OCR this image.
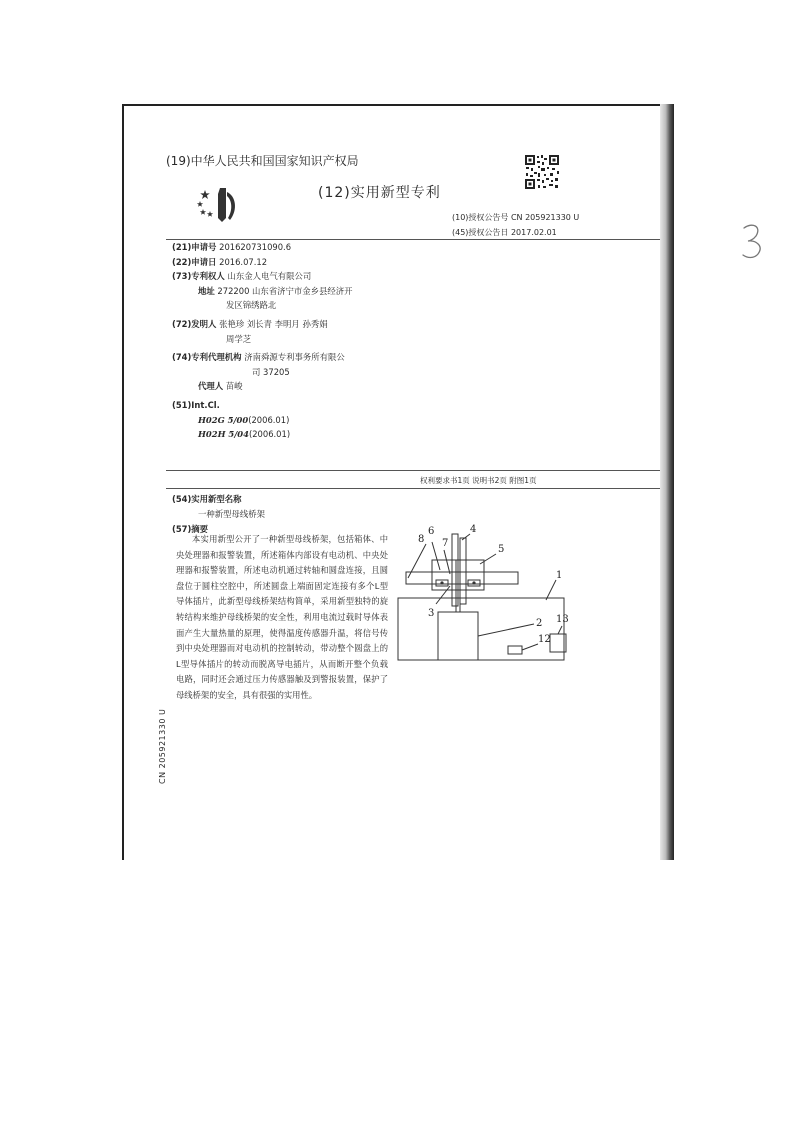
(19)中华人民共和国国家知识产权局
(12)实用新型专利
(10)授权公告号 CN 205921330 U
(45)授权公告日 2017.02.01
3
(21)申请号 201620731090.6
(22)申请日 2016.07.12
(73)专利权人 山东金人电气有限公司
地址 272200 山东省济宁市金乡县经济开
发区锦绣路北
(72)发明人 张艳珍 刘长青 李明月 孙秀娟
周学芝
(74)专利代理机构 济南舜源专利事务所有限公
司 37205
代理人 苗峻
(51)Int.Cl.
H02G 5/00(2006.01)
H02H 5/04(2006.01)
权利要求书1页 说明书2页 附图1页
(54)实用新型名称
一种新型母线桥架
(57)摘要
本实用新型公开了一种新型母线桥架，包括箱体、中央处理器和报警装置，所述箱体内部设有电动机、中央处理器和报警装置，所述电动机通过转轴和圆盘连接，且圆盘位于圆柱空腔中，所述圆盘上端面固定连接有多个L型导体插片，此新型母线桥架结构简单，采用新型独特的旋转结构来维护母线桥架的安全性，利用电流过载时导体表面产生大量热量的原理，使得温度传感器升温，将信号传到中央处理器而对电动机的控制转动，带动整个圆盘上的L型导体插片的转动而脱离导电插片，从而断开整个负载电路，同时还会通过压力传感器触及到警报装置，保护了母线桥架的安全，具有很强的实用性。
8
6
7
4
5
1
2
3
12
13
CN 205921330 U
